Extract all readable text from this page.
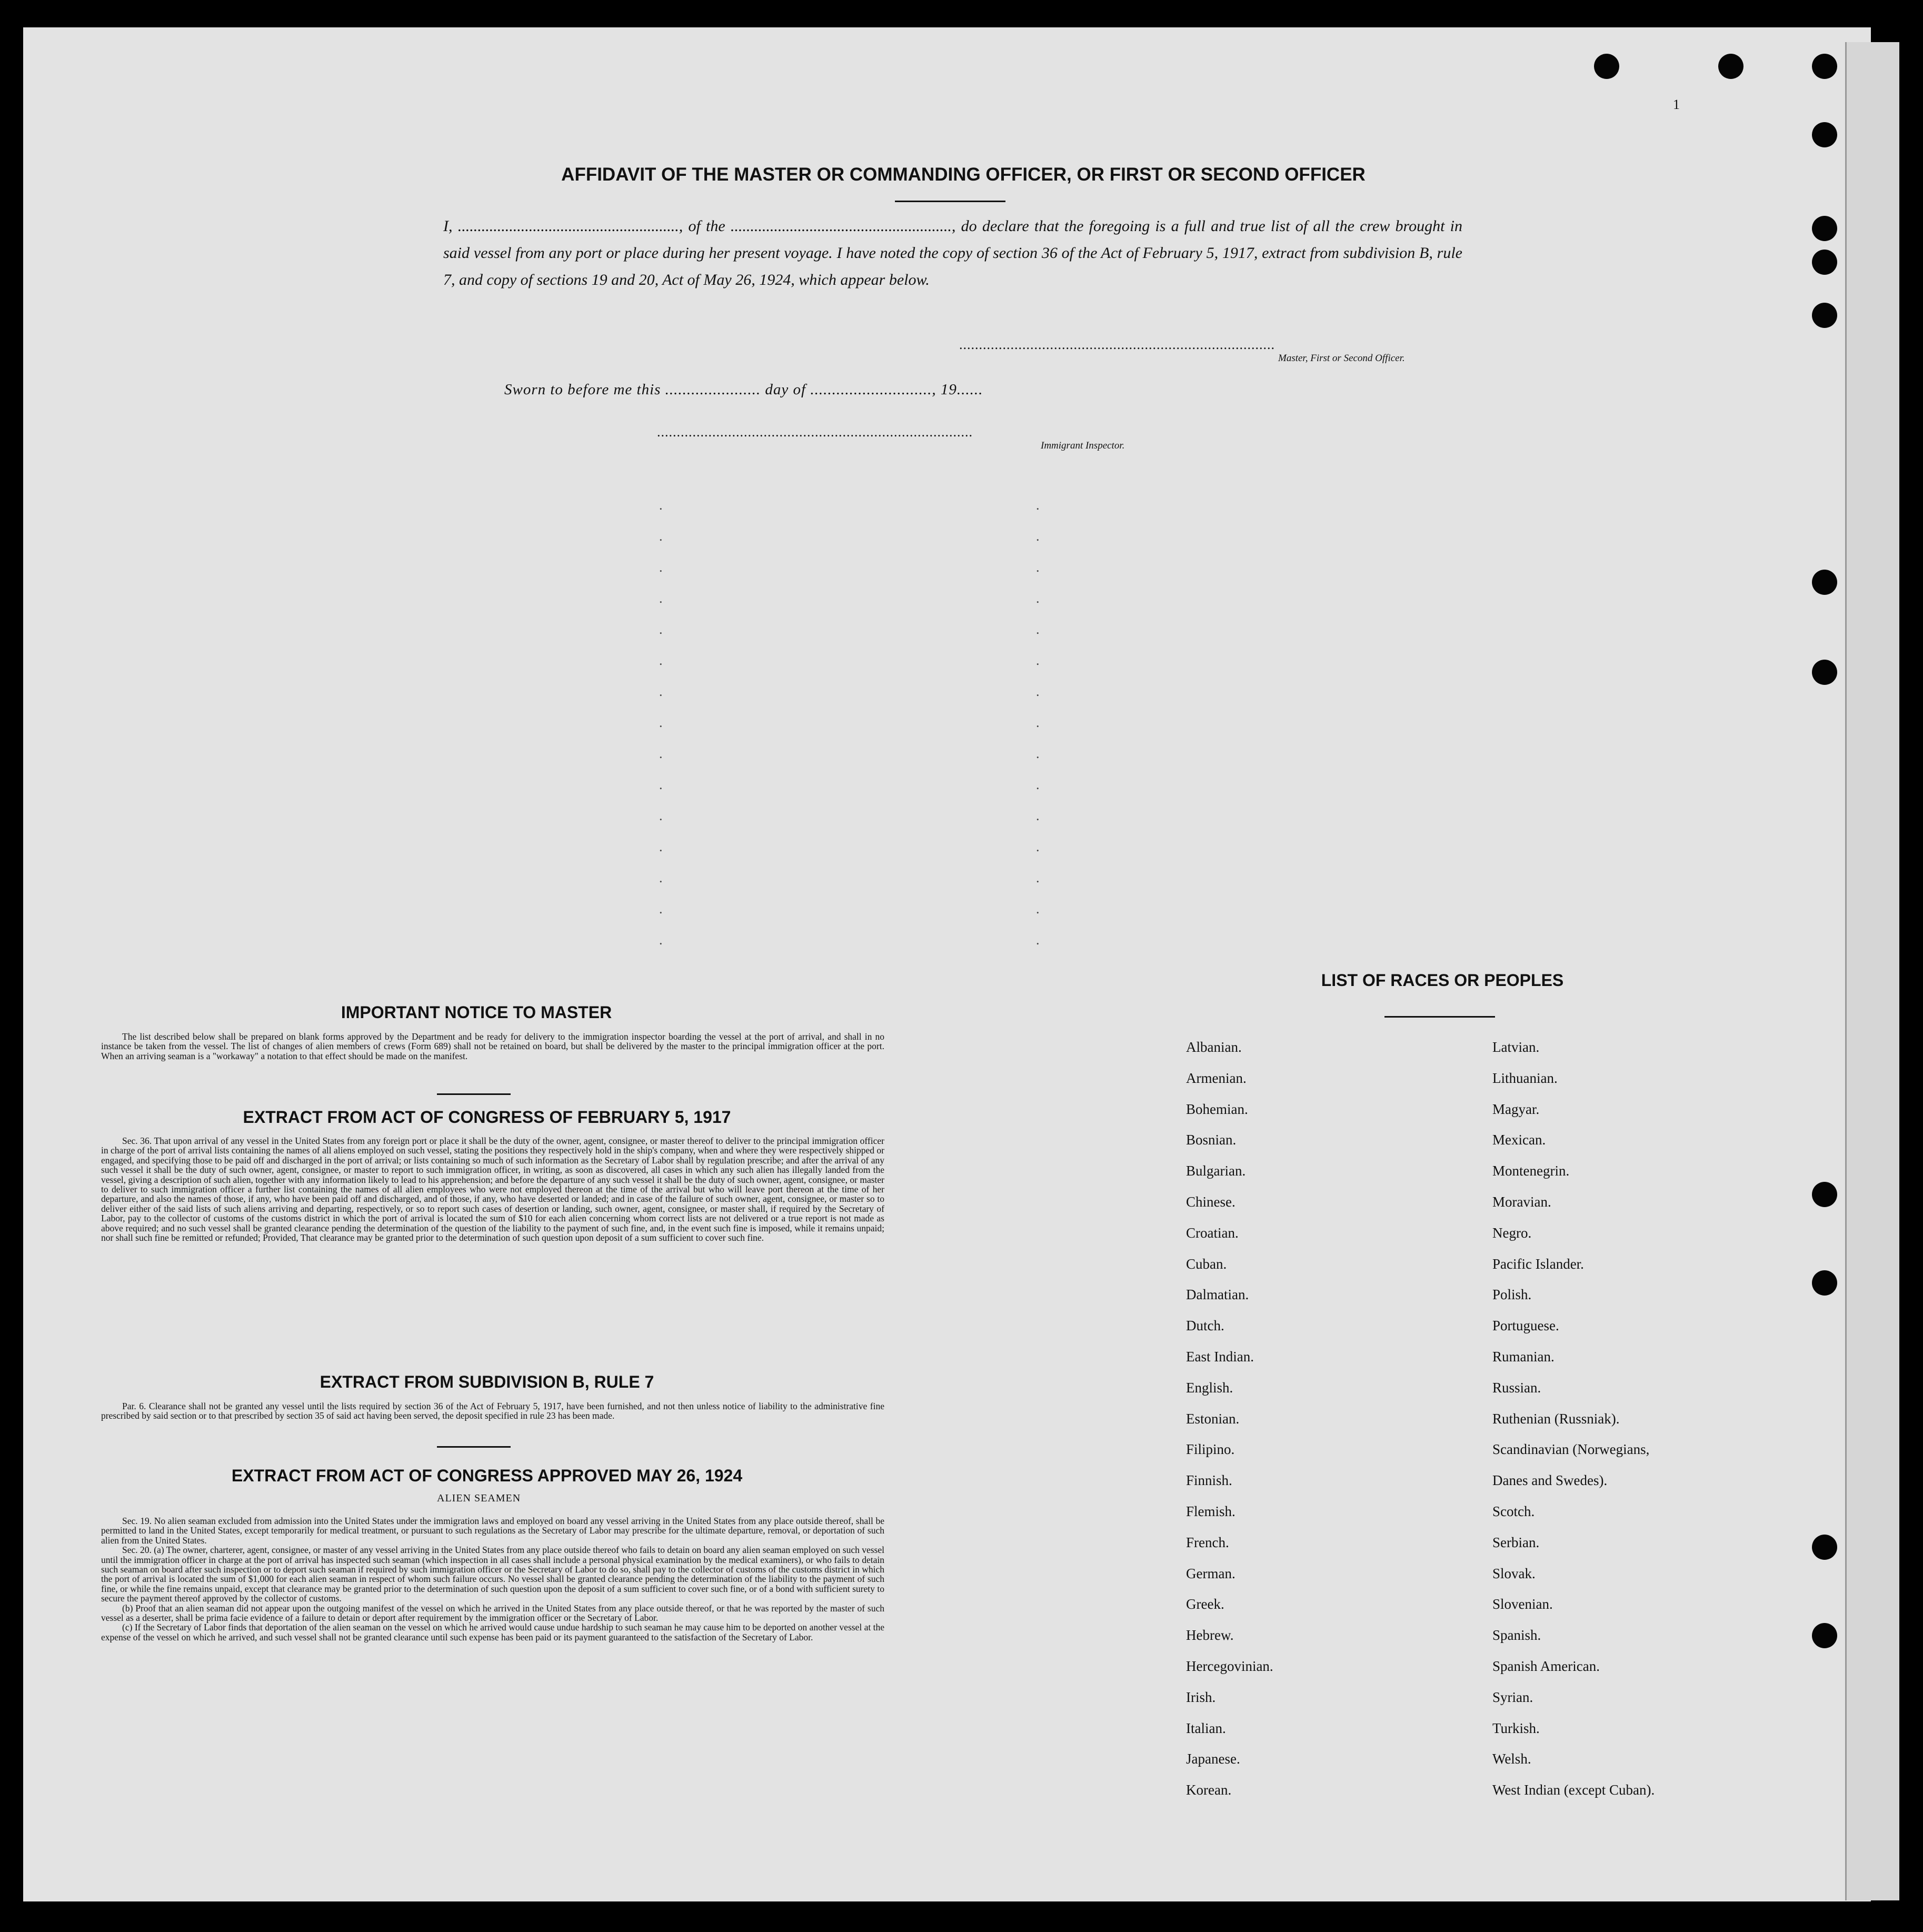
1
AFFIDAVIT OF THE MASTER OR COMMANDING OFFICER, OR FIRST OR SECOND OFFICER

I, ........................................................, of the ........................................................, do declare that the foregoing is a full and true list of all the crew brought in said vessel from any port or place during her present voyage. I have noted the copy of section 36 of the Act of February 5, 1917, extract from subdivision B, rule 7, and copy of sections 19 and 20, Act of May 26, 1924, which appear below.

................................................................................
Master, First or Second Officer.
Sworn to before me this ...................... day of ............................, 19......
................................................................................
Immigrant Inspector.
.
.
.
.
.
.
.
.
.
.
.
.
.
.
.
.
.
.
.
.
.
.
.
.
.
.
.
.
.
.
IMPORTANT NOTICE TO MASTER

The list described below shall be prepared on blank forms approved by the Department and be ready for delivery to the immigration inspector boarding the vessel at the port of arrival, and shall in no instance be taken from the vessel. The list of changes of alien members of crews (Form 689) shall not be retained on board, but shall be delivered by the master to the principal immigration officer at the port. When an arriving seaman is a "workaway" a notation to that effect should be made on the manifest.

EXTRACT FROM ACT OF CONGRESS OF FEBRUARY 5, 1917

Sec. 36. That upon arrival of any vessel in the United States from any foreign port or place it shall be the duty of the owner, agent, consignee, or master thereof to deliver to the principal immigration officer in charge of the port of arrival lists containing the names of all aliens employed on such vessel, stating the positions they respectively hold in the ship's company, when and where they were respectively shipped or engaged, and specifying those to be paid off and discharged in the port of arrival; or lists containing so much of such information as the Secretary of Labor shall by regulation prescribe; and after the arrival of any such vessel it shall be the duty of such owner, agent, consignee, or master to report to such immigration officer, in writing, as soon as discovered, all cases in which any such alien has illegally landed from the vessel, giving a description of such alien, together with any information likely to lead to his apprehension; and before the departure of any such vessel it shall be the duty of such owner, agent, consignee, or master to deliver to such immigration officer a further list containing the names of all alien employees who were not employed thereon at the time of the arrival but who will leave port thereon at the time of her departure, and also the names of those, if any, who have been paid off and discharged, and of those, if any, who have deserted or landed; and in case of the failure of such owner, agent, consignee, or master so to deliver either of the said lists of such aliens arriving and departing, respectively, or so to report such cases of desertion or landing, such owner, agent, consignee, or master shall, if required by the Secretary of Labor, pay to the collector of customs of the customs district in which the port of arrival is located the sum of $10 for each alien concerning whom correct lists are not delivered or a true report is not made as above required; and no such vessel shall be granted clearance pending the determination of the question of the liability to the payment of such fine, and, in the event such fine is imposed, while it remains unpaid; nor shall such fine be remitted or refunded; Provided, That clearance may be granted prior to the determination of such question upon deposit of a sum sufficient to cover such fine.

EXTRACT FROM SUBDIVISION B, RULE 7

Par. 6. Clearance shall not be granted any vessel until the lists required by section 36 of the Act of February 5, 1917, have been furnished, and not then unless notice of liability to the administrative fine prescribed by said section or to that prescribed by section 35 of said act having been served, the deposit specified in rule 23 has been made.

EXTRACT FROM ACT OF CONGRESS APPROVED MAY 26, 1924
ALIEN SEAMEN

Sec. 19. No alien seaman excluded from admission into the United States under the immigration laws and employed on board any vessel arriving in the United States from any place outside thereof, shall be permitted to land in the United States, except temporarily for medical treatment, or pursuant to such regulations as the Secretary of Labor may prescribe for the ultimate departure, removal, or deportation of such alien from the United States.

Sec. 20. (a) The owner, charterer, agent, consignee, or master of any vessel arriving in the United States from any place outside thereof who fails to detain on board any alien seaman employed on such vessel until the immigration officer in charge at the port of arrival has inspected such seaman (which inspection in all cases shall include a personal physical examination by the medical examiners), or who fails to detain such seaman on board after such inspection or to deport such seaman if required by such immigration officer or the Secretary of Labor to do so, shall pay to the collector of customs of the customs district in which the port of arrival is located the sum of $1,000 for each alien seaman in respect of whom such failure occurs. No vessel shall be granted clearance pending the determination of the liability to the payment of such fine, or while the fine remains unpaid, except that clearance may be granted prior to the determination of such question upon the deposit of a sum sufficient to cover such fine, or of a bond with sufficient surety to secure the payment thereof approved by the collector of customs.

(b) Proof that an alien seaman did not appear upon the outgoing manifest of the vessel on which he arrived in the United States from any place outside thereof, or that he was reported by the master of such vessel as a deserter, shall be prima facie evidence of a failure to detain or deport after requirement by the immigration officer or the Secretary of Labor.

(c) If the Secretary of Labor finds that deportation of the alien seaman on the vessel on which he arrived would cause undue hardship to such seaman he may cause him to be deported on another vessel at the expense of the vessel on which he arrived, and such vessel shall not be granted clearance until such expense has been paid or its payment guaranteed to the satisfaction of the Secretary of Labor.

LIST OF RACES OR PEOPLES
Albanian.
Armenian.
Bohemian.
Bosnian.
Bulgarian.
Chinese.
Croatian.
Cuban.
Dalmatian.
Dutch.
East Indian.
English.
Estonian.
Filipino.
Finnish.
Flemish.
French.
German.
Greek.
Hebrew.
Hercegovinian.
Irish.
Italian.
Japanese.
Korean.
Latvian.
Lithuanian.
Magyar.
Mexican.
Montenegrin.
Moravian.
Negro.
Pacific Islander.
Polish.
Portuguese.
Rumanian.
Russian.
Ruthenian (Russniak).
Scandinavian (Norwegians,
Danes and Swedes).
Scotch.
Serbian.
Slovak.
Slovenian.
Spanish.
Spanish American.
Syrian.
Turkish.
Welsh.
West Indian (except Cuban).
